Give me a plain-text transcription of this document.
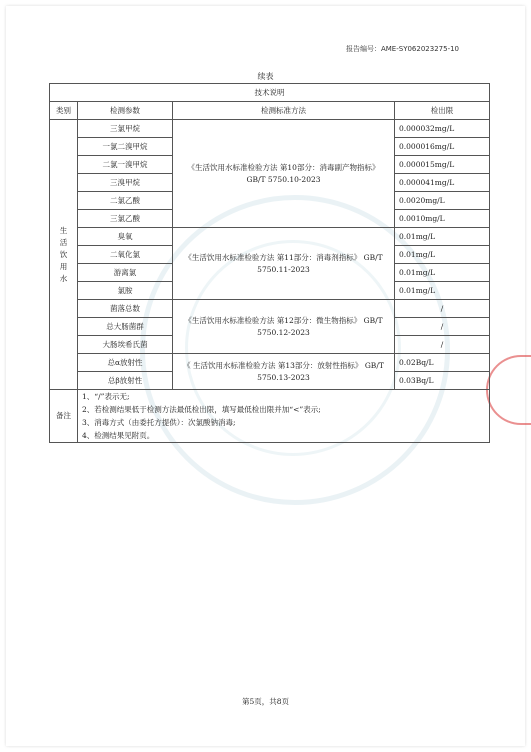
报告编号：AME-SY062023275-10
续表
技术说明			
类别	检测参数	检测标准方法	检出限
生活饮用水	三氯甲烷	《生活饮用水标准检验方法 第10部分：消毒副产物指标》 GB/T 5750.10-2023	0.000032mg/L
	一氯二溴甲烷		0.000016mg/L
	二氯一溴甲烷		0.000015mg/L
	三溴甲烷		0.000041mg/L
	二氯乙酸		0.0020mg/L
	三氯乙酸		0.0010mg/L
	臭氧	《生活饮用水标准检验方法 第11部分：消毒剂指标》 GB/T 5750.11-2023	0.01mg/L
	二氧化氯		0.01mg/L
	游离氯		0.01mg/L
	氯胺		0.01mg/L
	菌落总数	《生活饮用水标准检验方法 第12部分：微生物指标》 GB/T 5750.12-2023	/
	总大肠菌群		/
	大肠埃希氏菌		/
	总α放射性	《 生活饮用水标准检验方法 第13部分：放射性指标》 GB/T 5750.13-2023	0.02Bq/L
	总β放射性		0.03Bq/L
备注	1、“/”表示无;
2、若检测结果低于检测方法最低检出限，填写最低检出限并加“<”表示;
3、消毒方式（由委托方提供）：次氯酸钠消毒;
4、检测结果见附页。		
第5页，共8页
